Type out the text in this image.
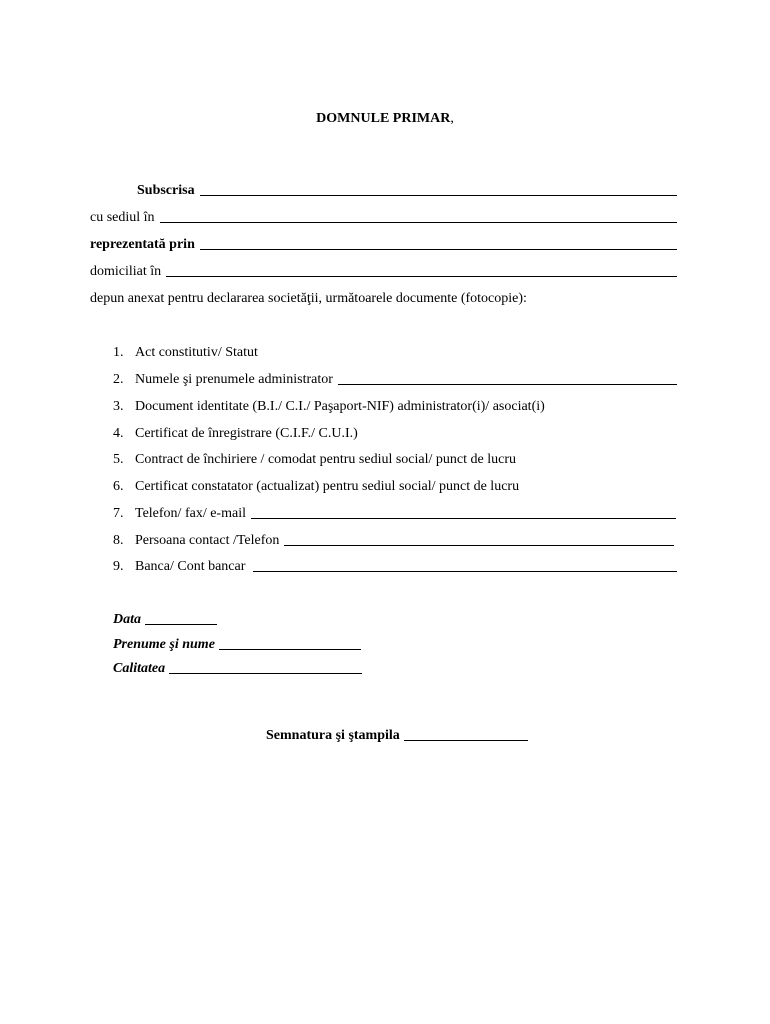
DOMNULE PRIMAR,
Subscrisa
cu sediul în
reprezentată prin
domiciliat în
depun anexat pentru declararea societăţii, următoarele documente (fotocopie):
1. Act constitutiv/ Statut
2. Numele şi prenumele administrator
3. Document identitate (B.I./ C.I./ Paşaport-NIF) administrator(i)/ asociat(i)
4. Certificat de înregistrare (C.I.F./ C.U.I.)
5. Contract de închiriere / comodat pentru sediul social/ punct de lucru
6. Certificat constatator (actualizat) pentru sediul social/ punct de lucru
7. Telefon/ fax/ e-mail
8. Persoana contact /Telefon
9. Banca/ Cont bancar
Data
Prenume şi nume
Calitatea
Semnatura şi ştampila
